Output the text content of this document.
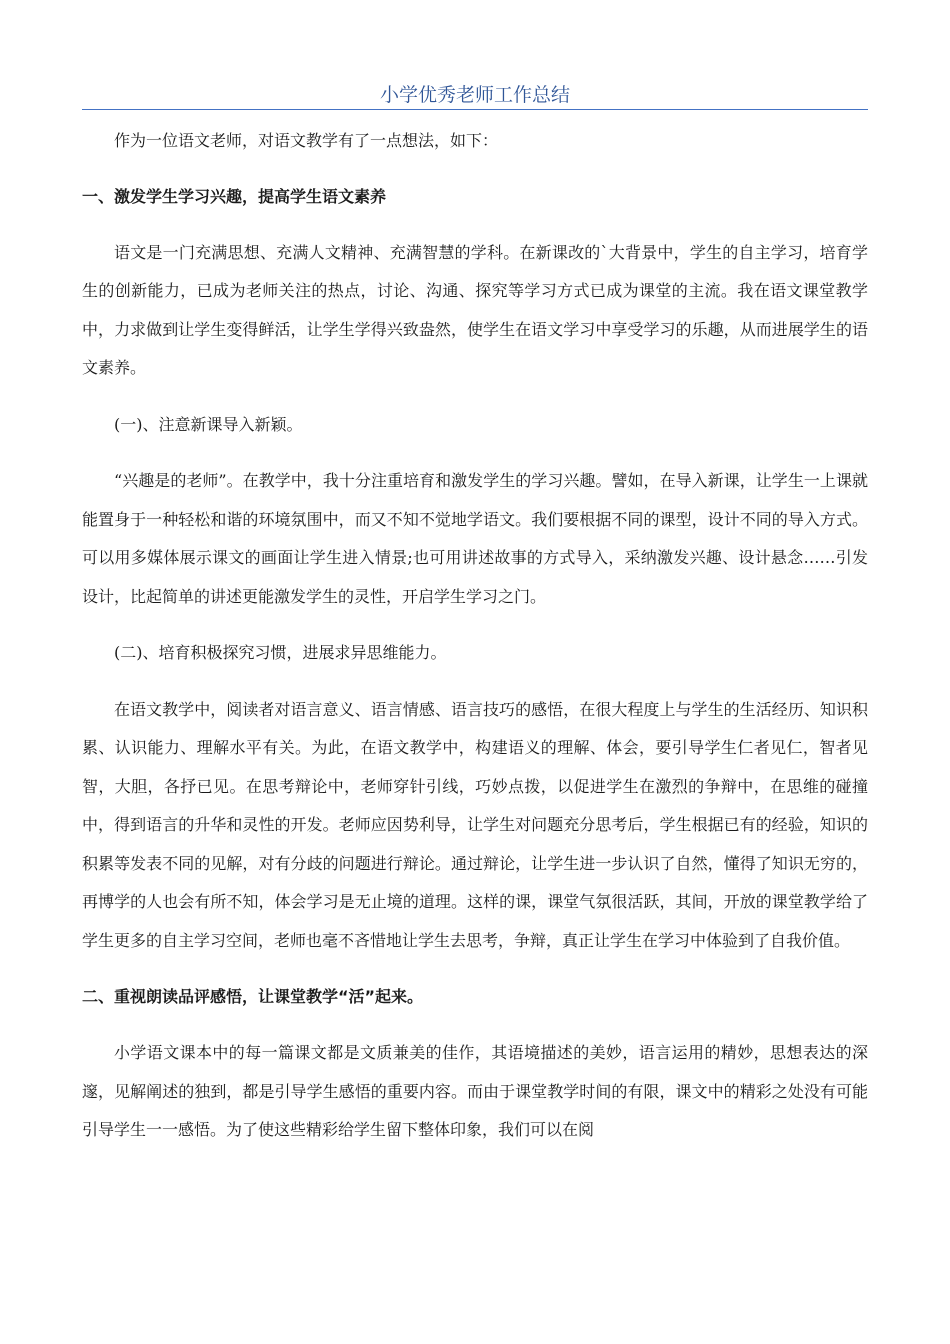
小学优秀老师工作总结

作为一位语文老师，对语文教学有了一点想法，如下：

一、激发学生学习兴趣，提高学生语文素养

语文是一门充满思想、充满人文精神、充满智慧的学科。在新课改的`大背景中，学生的自主学习，培育学生的创新能力，已成为老师关注的热点，讨论、沟通、探究等学习方式已成为课堂的主流。我在语文课堂教学中，力求做到让学生变得鲜活，让学生学得兴致盎然，使学生在语文学习中享受学习的乐趣，从而进展学生的语文素养。

(一)、注意新课导入新颖。

“兴趣是的老师”。在教学中，我十分注重培育和激发学生的学习兴趣。譬如，在导入新课，让学生一上课就能置身于一种轻松和谐的环境氛围中，而又不知不觉地学语文。我们要根据不同的课型，设计不同的导入方式。可以用多媒体展示课文的画面让学生进入情景;也可用讲述故事的方式导入，采纳激发兴趣、设计悬念……引发设计，比起简单的讲述更能激发学生的灵性，开启学生学习之门。

(二)、培育积极探究习惯，进展求异思维能力。

在语文教学中，阅读者对语言意义、语言情感、语言技巧的感悟，在很大程度上与学生的生活经历、知识积累、认识能力、理解水平有关。为此，在语文教学中，构建语义的理解、体会，要引导学生仁者见仁，智者见智，大胆，各抒已见。在思考辩论中，老师穿针引线，巧妙点拨，以促进学生在激烈的争辩中，在思维的碰撞中，得到语言的升华和灵性的开发。老师应因势利导，让学生对问题充分思考后，学生根据已有的经验，知识的积累等发表不同的见解，对有分歧的问题进行辩论。通过辩论，让学生进一步认识了自然，懂得了知识无穷的，再博学的人也会有所不知，体会学习是无止境的道理。这样的课，课堂气氛很活跃，其间，开放的课堂教学给了学生更多的自主学习空间，老师也毫不吝惜地让学生去思考，争辩，真正让学生在学习中体验到了自我价值。

二、重视朗读品评感悟，让课堂教学“活”起来。

小学语文课本中的每一篇课文都是文质兼美的佳作，其语境描述的美妙，语言运用的精妙，思想表达的深邃，见解阐述的独到，都是引导学生感悟的重要内容。而由于课堂教学时间的有限，课文中的精彩之处没有可能引导学生一一感悟。为了使这些精彩给学生留下整体印象，我们可以在阅
